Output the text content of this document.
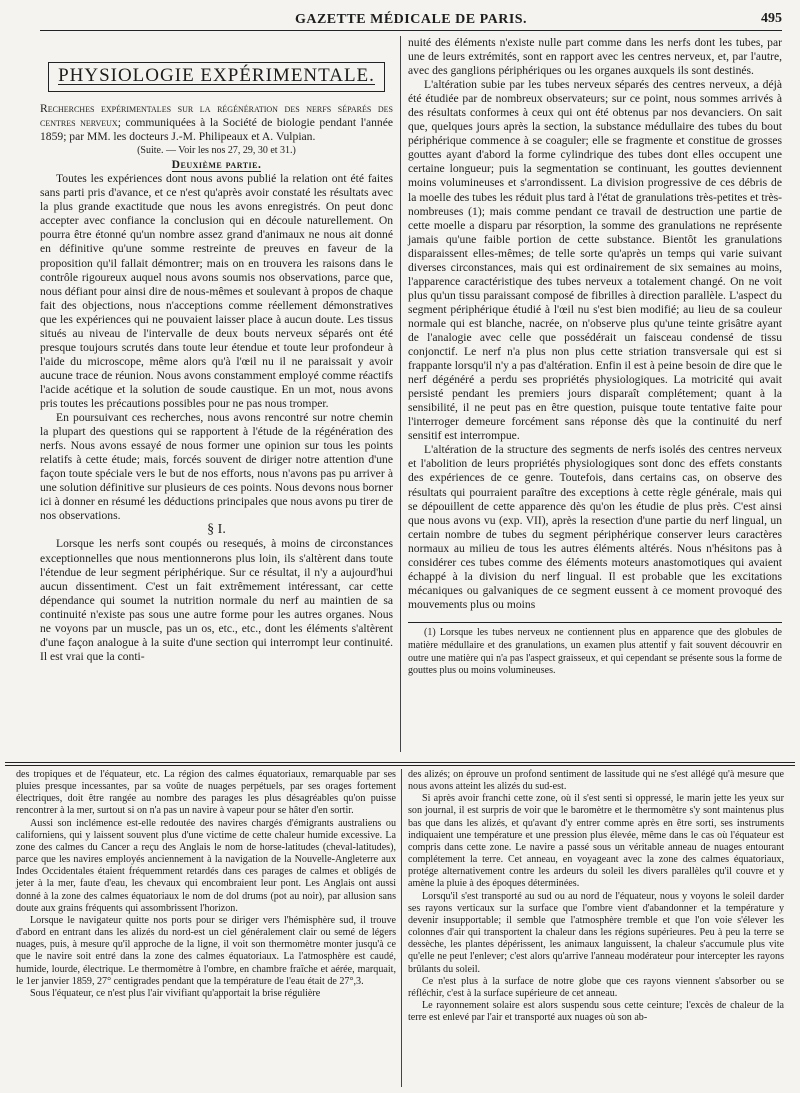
GAZETTE MÉDICALE DE PARIS.	495
PHYSIOLOGIE EXPÉRIMENTALE.

Recherches expérimentales sur la régénération des nerfs séparés des centres nerveux; communiquées à la Société de biologie pendant l'année 1859; par MM. les docteurs J.-M. Philipeaux et A. Vulpian.

(Suite. — Voir les nos 27, 29, 30 et 31.)

Deuxième partie.

Toutes les expériences dont nous avons publié la relation ont été faites sans parti pris d'avance, et ce n'est qu'après avoir constaté les résultats avec la plus grande exactitude que nous les avons enregistrés. On peut donc accepter avec confiance la conclusion qui en découle naturellement. On pourra être étonné qu'un nombre assez grand d'animaux ne nous ait donné en définitive qu'une somme restreinte de preuves en faveur de la proposition qu'il fallait démontrer; mais on en trouvera les raisons dans le contrôle rigoureux auquel nous avons soumis nos observations, parce que, nous défiant pour ainsi dire de nous-mêmes et soulevant à propos de chaque fait des objections, nous n'acceptions comme réellement démonstratives que les expériences qui ne pouvaient laisser place à aucun doute. Les tissus situés au niveau de l'intervalle de deux bouts nerveux séparés ont été presque toujours scrutés dans toute leur étendue et toute leur profondeur à l'aide du microscope, même alors qu'à l'œil nu il ne paraissait y avoir aucune trace de réunion. Nous avons constamment employé comme réactifs l'acide acétique et la solution de soude caustique. En un mot, nous avons pris toutes les précautions possibles pour ne pas nous tromper.

En poursuivant ces recherches, nous avons rencontré sur notre chemin la plupart des questions qui se rapportent à l'étude de la régénération des nerfs. Nous avons essayé de nous former une opinion sur tous les points relatifs à cette étude; mais, forcés souvent de diriger notre attention d'une façon toute spéciale vers le but de nos efforts, nous n'avons pas pu arriver à une solution définitive sur plusieurs de ces points. Nous devons nous borner ici à donner en résumé les déductions principales que nous avons pu tirer de nos observations.

§ I.

Lorsque les nerfs sont coupés ou resequés, à moins de circonstances exceptionnelles que nous mentionnerons plus loin, ils s'altèrent dans toute l'étendue de leur segment périphérique. Sur ce résultat, il n'y a aujourd'hui aucun dissentiment. C'est un fait extrêmement intéressant, car cette dépendance qui soumet la nutrition normale du nerf au maintien de sa continuité n'existe pas sous une autre forme pour les autres organes. Nous ne voyons par un muscle, pas un os, etc., etc., dont les éléments s'altèrent d'une façon analogue à la suite d'une section qui interrompt leur continuité. Il est vrai que la conti-

nuité des éléments n'existe nulle part comme dans les nerfs dont les tubes, par une de leurs extrémités, sont en rapport avec les centres nerveux, et, par l'autre, avec des ganglions périphériques ou les organes auxquels ils sont destinés.

L'altération subie par les tubes nerveux séparés des centres nerveux, a déjà été étudiée par de nombreux observateurs; sur ce point, nous sommes arrivés à des résultats conformes à ceux qui ont été obtenus par nos devanciers. On sait que, quelques jours après la section, la substance médullaire des tubes du bout périphérique commence à se coaguler; elle se fragmente et constitue de grosses gouttes ayant d'abord la forme cylindrique des tubes dont elles occupent une certaine longueur; puis la segmentation se continuant, les gouttes deviennent moins volumineuses et s'arrondissent. La division progressive de ces débris de la moelle des tubes les réduit plus tard à l'état de granulations très-petites et très-nombreuses (1); mais comme pendant ce travail de destruction une partie de cette moelle a disparu par résorption, la somme des granulations ne représente jamais qu'une faible portion de cette substance. Bientôt les granulations disparaissent elles-mêmes; de telle sorte qu'après un temps qui varie suivant diverses circonstances, mais qui est ordinairement de six semaines au moins, l'apparence caractéristique des tubes nerveux a totalement changé. On ne voit plus qu'un tissu paraissant composé de fibrilles à direction parallèle. L'aspect du segment périphérique étudié à l'œil nu s'est bien modifié; au lieu de sa couleur normale qui est blanche, nacrée, on n'observe plus qu'une teinte grisâtre ayant de l'analogie avec celle que possédérait un faisceau condensé de tissu conjonctif. Le nerf n'a plus non plus cette striation transversale qui est si frappante lorsqu'il n'y a pas d'altération. Enfin il est à peine besoin de dire que le nerf dégénéré a perdu ses propriétés physiologiques. La motricité qui avait persisté pendant les premiers jours disparaît complétement; quant à la sensibilité, il ne peut pas en être question, puisque toute tentative faite pour l'interroger demeure forcément sans réponse dès que la continuité du nerf sensitif est interrompue.

L'altération de la structure des segments de nerfs isolés des centres nerveux et l'abolition de leurs propriétés physiologiques sont donc des effets constants des expériences de ce genre. Toutefois, dans certains cas, on observe des résultats qui pourraient paraître des exceptions à cette règle générale, mais qui se dépouillent de cette apparence dès qu'on les étudie de plus près. C'est ainsi que nous avons vu (exp. VII), après la resection d'une partie du nerf lingual, un certain nombre de tubes du segment périphérique conserver leurs caractères normaux au milieu de tous les autres éléments altérés. Nous n'hésitons pas à considérer ces tubes comme des éléments moteurs anastomotiques qui avaient échappé à la division du nerf lingual. Il est probable que les excitations mécaniques ou galvaniques de ce segment eussent à ce moment provoqué des mouvements plus ou moins

(1) Lorsque les tubes nerveux ne contiennent plus en apparence que des globules de matière médullaire et des granulations, un examen plus attentif y fait souvent découvrir en outre une matière qui n'a pas l'aspect graisseux, et qui cependant se présente sous la forme de gouttes plus ou moins volumineuses.

des tropiques et de l'équateur, etc. La région des calmes équatoriaux, remarquable par ses pluies presque incessantes, par sa voûte de nuages perpétuels, par ses orages fortement électriques, doit être rangée au nombre des parages les plus désagréables qu'on puisse rencontrer à la mer, surtout si on n'a pas un navire à vapeur pour se hâter d'en sortir.

Aussi son inclémence est-elle redoutée des navires chargés d'émigrants australiens ou californiens, qui y laissent souvent plus d'une victime de cette chaleur humide excessive. La zone des calmes du Cancer a reçu des Anglais le nom de horse-latitudes (cheval-latitudes), parce que les navires employés anciennement à la navigation de la Nouvelle-Angleterre aux Indes Occidentales étaient fréquemment retardés dans ces parages de calmes et obligés de jeter à la mer, faute d'eau, les chevaux qui encombraient leur pont. Les Anglais ont aussi donné à la zone des calmes équatoriaux le nom de dol drums (pot au noir), par allusion sans doute aux grains fréquents qui assombrissent l'horizon.

Lorsque le navigateur quitte nos ports pour se diriger vers l'hémisphère sud, il trouve d'abord en entrant dans les alizés du nord-est un ciel généralement clair ou semé de légers nuages, puis, à mesure qu'il approche de la ligne, il voit son thermomètre monter jusqu'à ce que le navire soit entré dans la zone des calmes équatoriaux. La l'atmosphère est caudé, humide, lourde, électrique. Le thermomètre à l'ombre, en chambre fraîche et aérée, marquait, le 1er janvier 1859, 27° centigrades pendant que la température de l'eau était de 27°,3.

Sous l'équateur, ce n'est plus l'air vivifiant qu'apportait la brise régulière

des alizés; on éprouve un profond sentiment de lassitude qui ne s'est allégé qu'à mesure que nous avons atteint les alizés du sud-est.

Si après avoir franchi cette zone, où il s'est senti si oppressé, le marin jette les yeux sur son journal, il est surpris de voir que le baromètre et le thermomètre s'y sont maintenus plus bas que dans les alizés, et qu'avant d'y entrer comme après en être sorti, ses instruments indiquaient une température et une pression plus élevée, même dans le cas où l'équateur est compris dans cette zone. Le navire a passé sous un véritable anneau de nuages entourant complétement la terre. Cet anneau, en voyageant avec la zone des calmes équatoriaux, protége alternativement contre les ardeurs du soleil les divers parallèles qu'il couvre et y amène la pluie à des époques déterminées.

Lorsqu'il s'est transporté au sud ou au nord de l'équateur, nous y voyons le soleil darder ses rayons verticaux sur la surface que l'ombre vient d'abandonner et la température y devenir insupportable; il semble que l'atmosphère tremble et que l'on voie s'élever les colonnes d'air qui transportent la chaleur dans les régions supérieures. Peu à peu la terre se dessèche, les plantes dépérissent, les animaux languissent, la chaleur s'accumule plus vite qu'elle ne peut l'enlever; c'est alors qu'arrive l'anneau modérateur pour intercepter les rayons brûlants du soleil.

Ce n'est plus à la surface de notre globe que ces rayons viennent s'absorber ou se réfléchir, c'est à la surface supérieure de cet anneau.

Le rayonnement solaire est alors suspendu sous cette ceinture; l'excès de chaleur de la terre est enlevé par l'air et transporté aux nuages où son ab-
